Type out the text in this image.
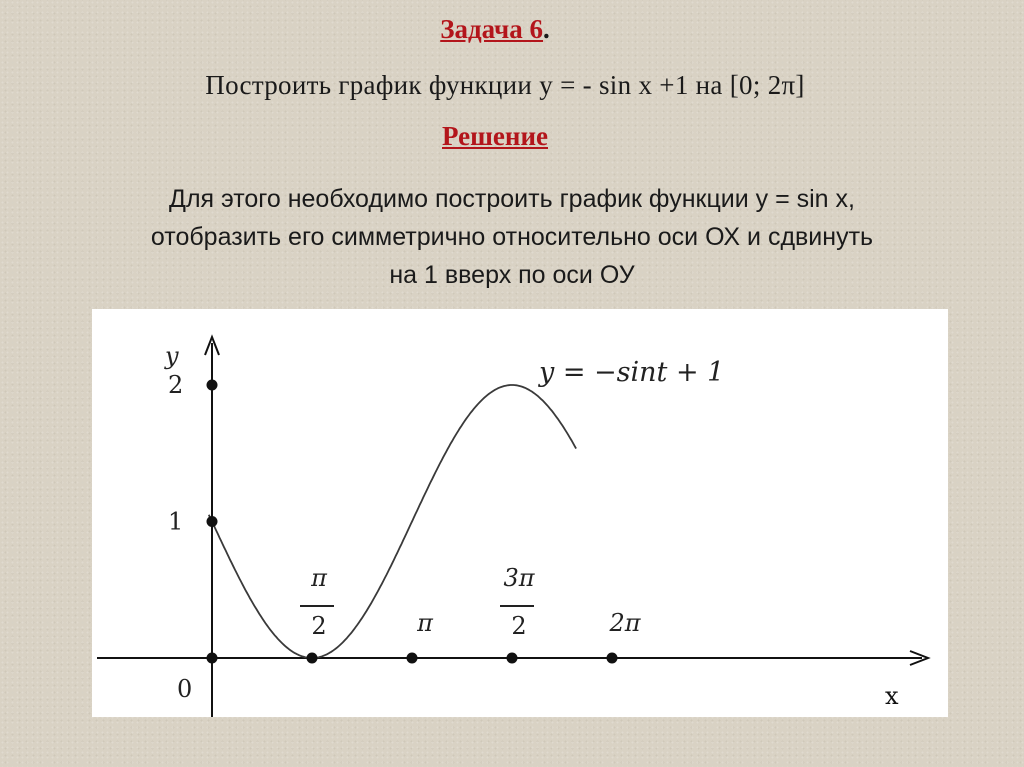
Задача 6.
Построить график функции у = - sin x +1 на [0; 2π]
Решение
Для этого необходимо построить график функции у = sin x,
отобразить его симметрично относительно оси ОХ и сдвинуть
на 1 вверх по оси ОУ
y
x
0
1
2
π
2	π
3π
2	2π
y = −sint + 1
